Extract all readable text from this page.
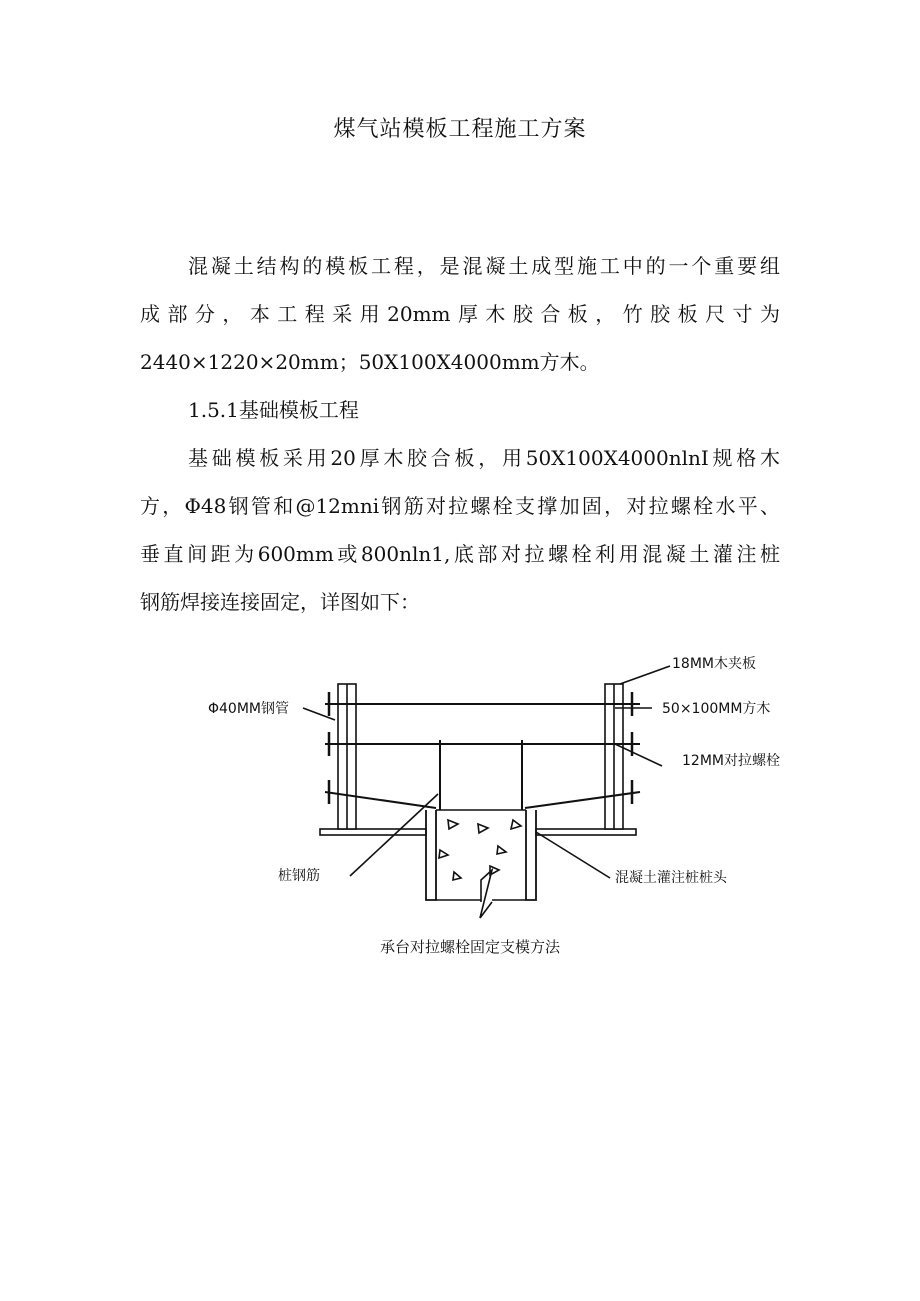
煤气站模板工程施工方案
混凝土结构的模板工程，是混凝土成型施工中的一个重要组
成部分，本工程采用20mm厚木胶合板，竹胶板尺寸为
2440×1220×20mm；50X100X4000mm方木。
1.5.1基础模板工程
基础模板采用20厚木胶合板，用50X100X4000nlnI规格木
方，Φ48钢管和@12mni钢筋对拉螺栓支撑加固，对拉螺栓水平、
垂直间距为600mm或800nln1,底部对拉螺栓利用混凝土灌注桩
钢筋焊接连接固定，详图如下：
18MM木夹板
Φ40MM钢管	50×100MM方木
12MM对拉螺栓
桩钢筋	混凝土灌注桩桩头
承台对拉螺栓固定支模方法
